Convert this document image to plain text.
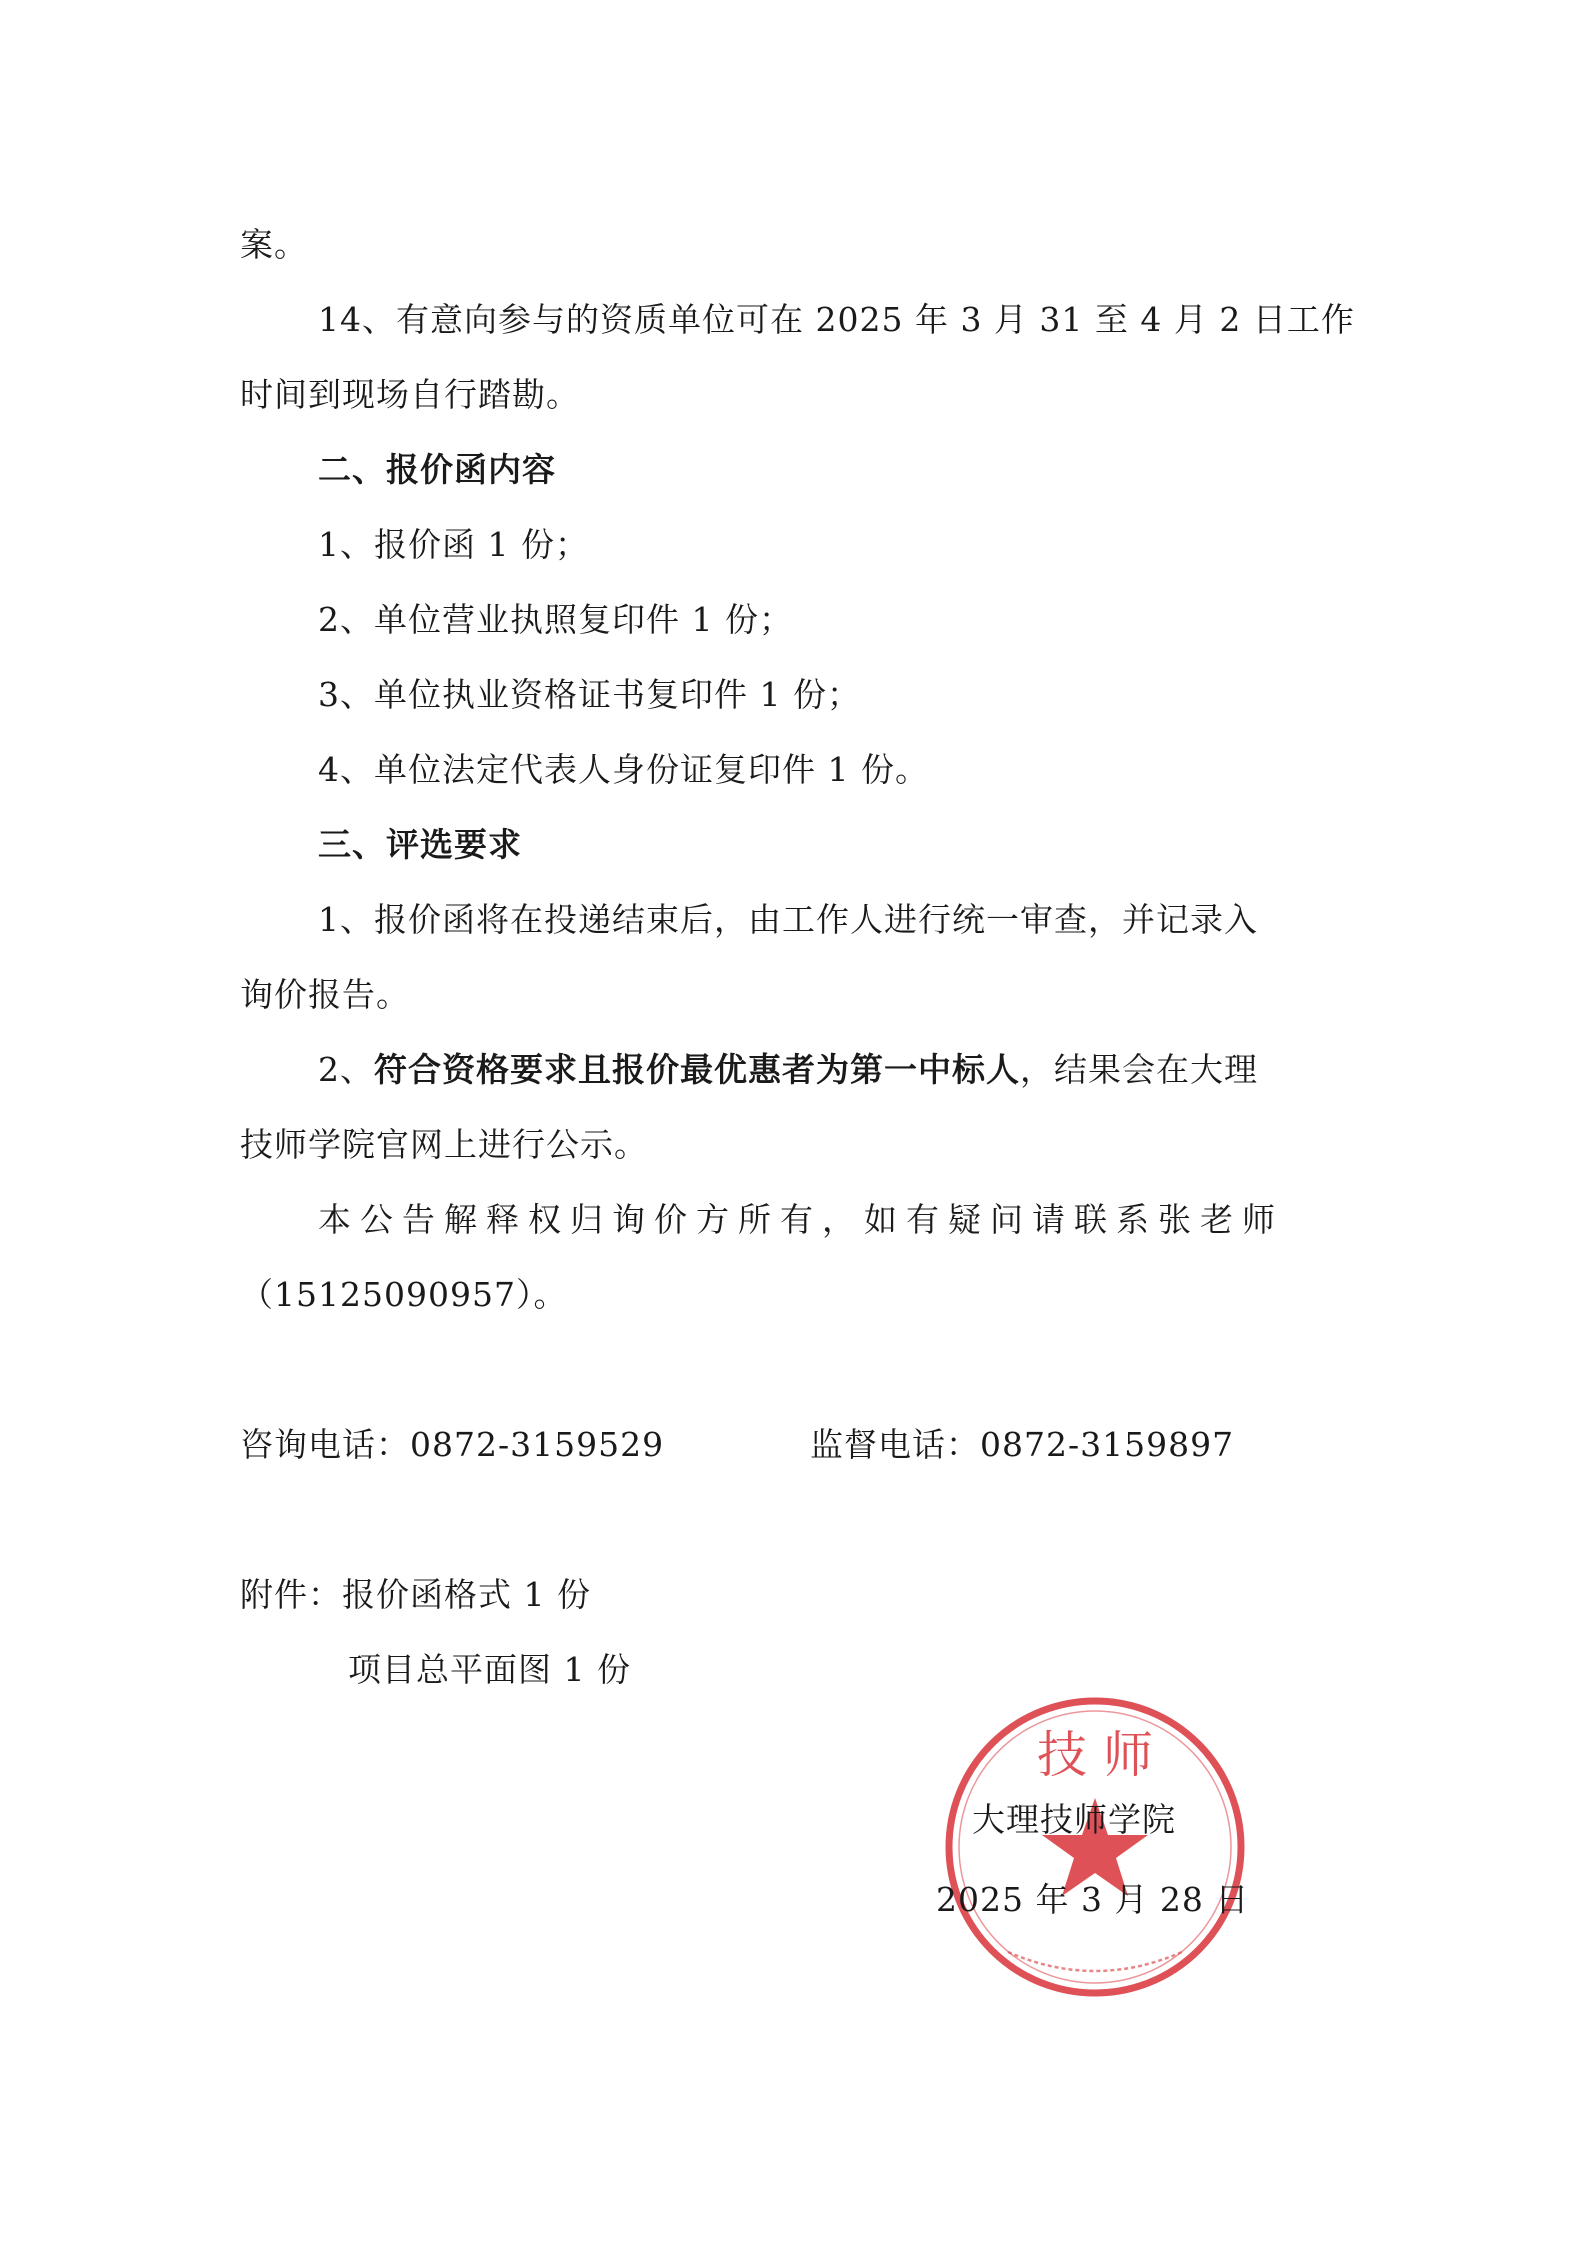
案。
14、有意向参与的资质单位可在 2025 年 3 月 31 至 4 月 2 日工作
时间到现场自行踏勘。
二、报价函内容
1、报价函 1 份；
2、单位营业执照复印件 1 份；
3、单位执业资格证书复印件 1 份；
4、单位法定代表人身份证复印件 1 份。
三、评选要求
1、报价函将在投递结束后，由工作人进行统一审查，并记录入
询价报告。
2、符合资格要求且报价最优惠者为第一中标人，结果会在大理
技师学院官网上进行公示。
本公告解释权归询价方所有，如有疑问请联系张老师
（15125090957）。
咨询电话：0872-3159529	监督电话：0872-3159897
附件：报价函格式 1 份
项目总平面图 1 份
技 师
大理技师学院
2025 年 3 月 28 日
